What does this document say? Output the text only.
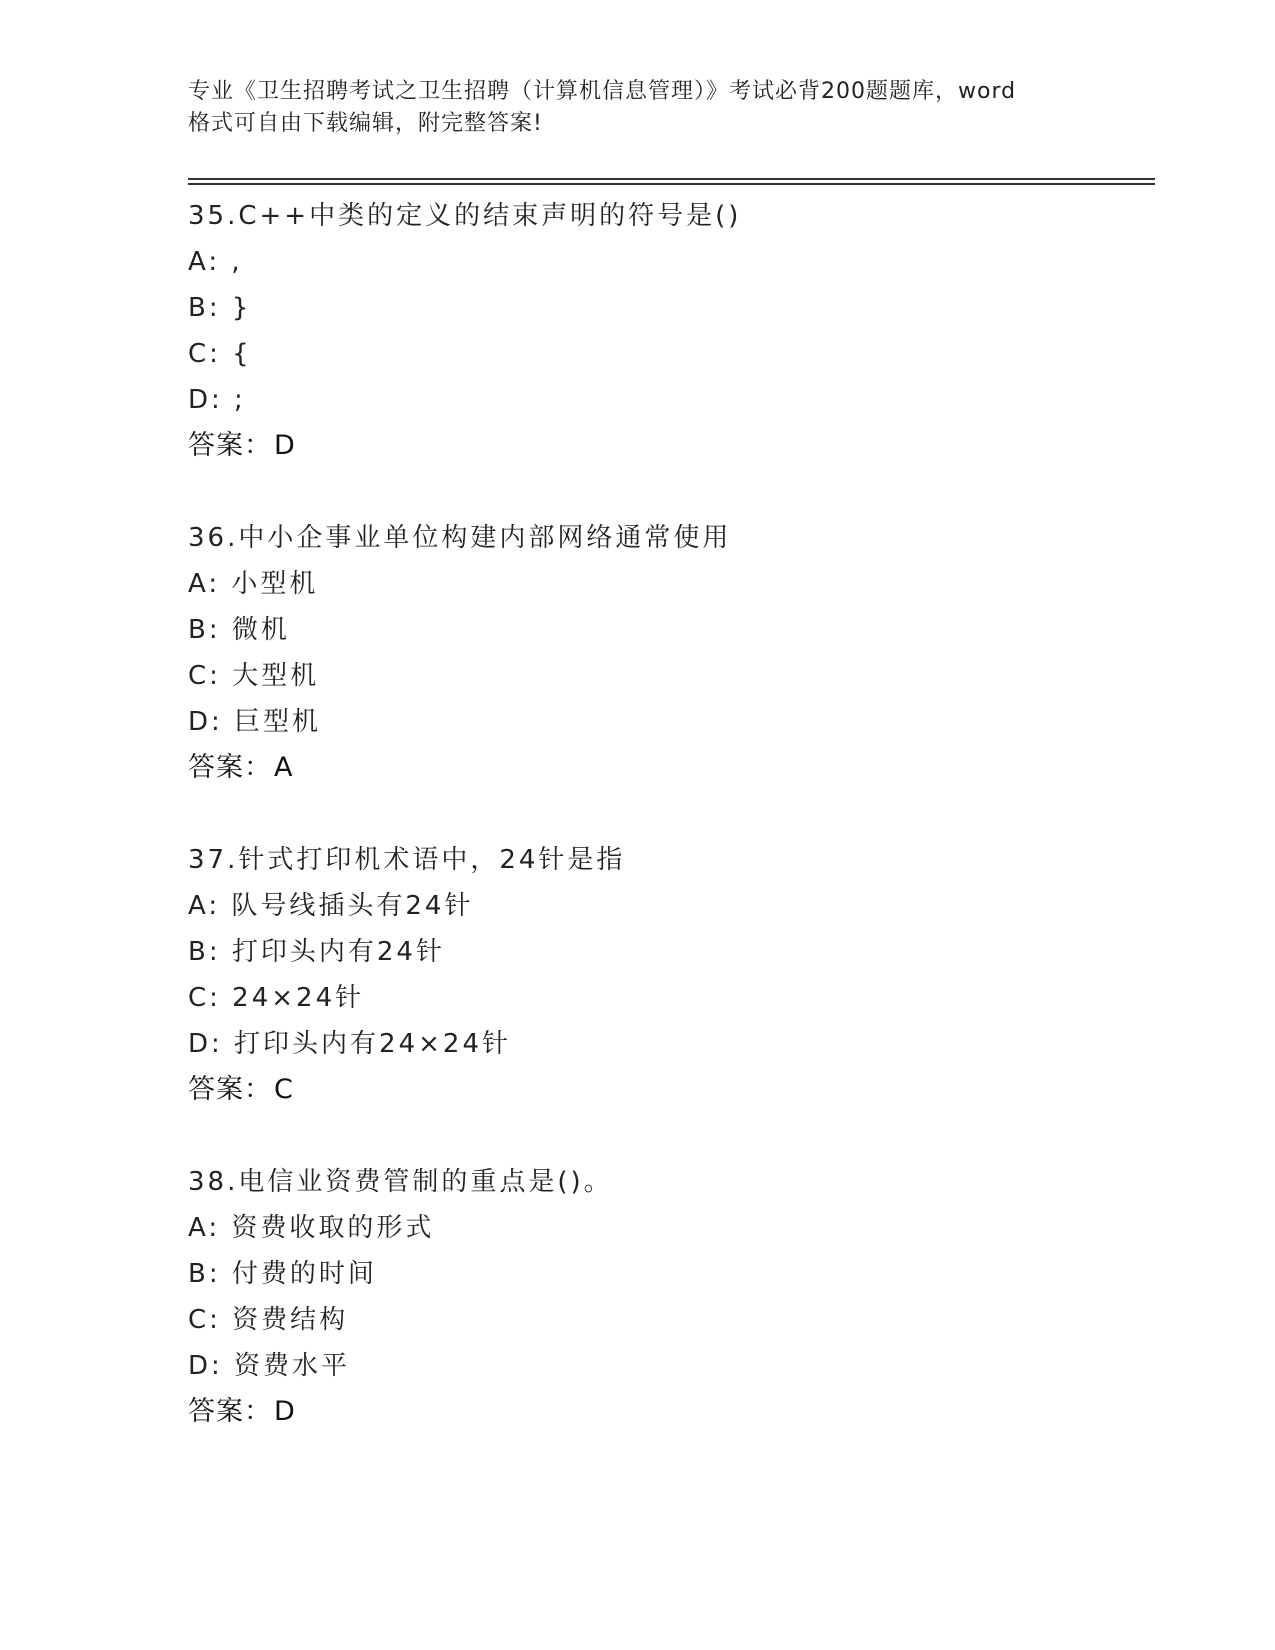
专业《卫生招聘考试之卫生招聘（计算机信息管理）》考试必背200题题库，word
格式可自由下载编辑，附完整答案!
35.C++中类的定义的结束声明的符号是()
A: ,
B: }
C: {
D: ;
答案：D
36.中小企事业单位构建内部网络通常使用
A: 小型机
B: 微机
C: 大型机
D: 巨型机
答案：A
37.针式打印机术语中，24针是指
A: 队号线插头有24针
B: 打印头内有24针
C: 24×24针
D: 打印头内有24×24针
答案：C
38.电信业资费管制的重点是()。
A: 资费收取的形式
B: 付费的时间
C: 资费结构
D: 资费水平
答案：D
